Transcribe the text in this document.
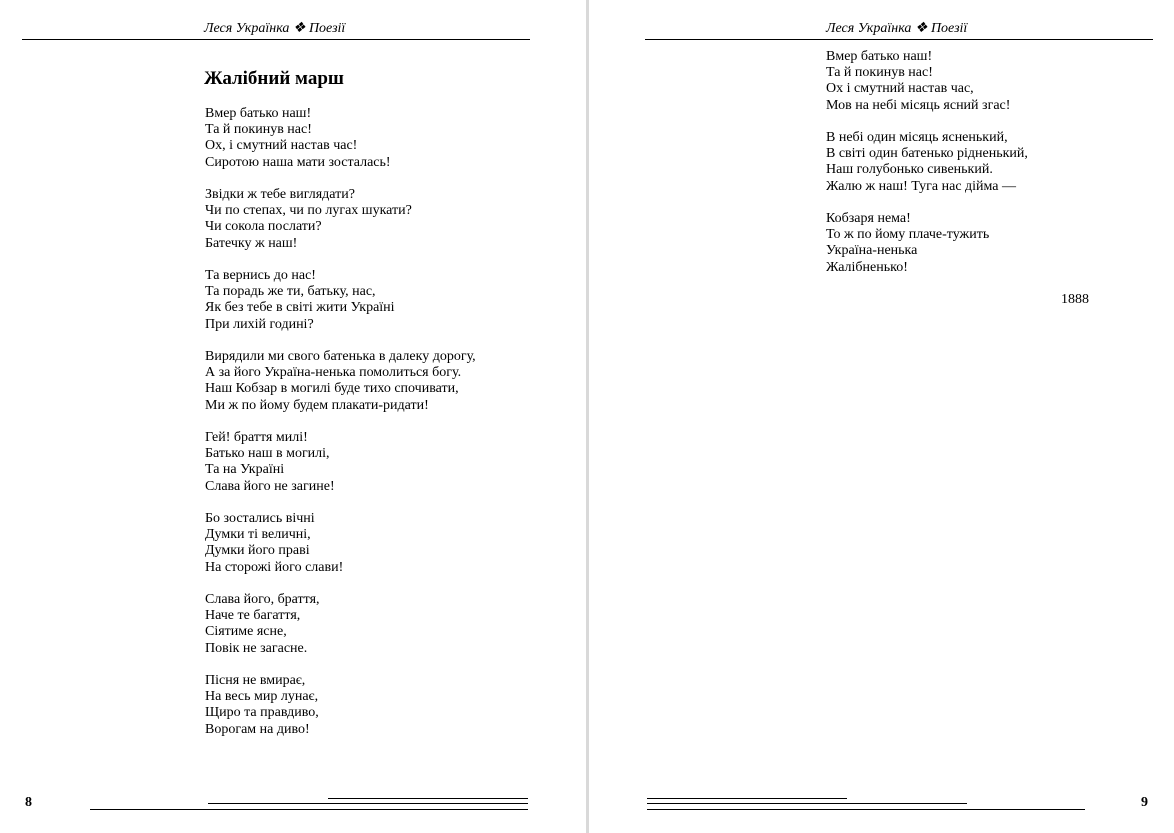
Леся Українка ❖ Поезії
Жалібний марш
Вмер батько наш!
Та й покинув нас!
Ох, і смутний настав час!
Сиротою наша мати зосталась!
Звідки ж тебе виглядати?
Чи по степах, чи по лугах шукати?
Чи сокола послати?
Батечку ж наш!
Та вернись до нас!
Та порадь же ти, батьку, нас,
Як без тебе в світі жити Україні
При лихій годині?
Вирядили ми свого батенька в далеку дорогу,
А за його Україна-ненька помолиться богу.
Наш Кобзар в могилі буде тихо спочивати,
Ми ж по йому будем плакати-ридати!
Гей! браття милі!
Батько наш в могилі,
Та на Україні
Слава його не загине!
Бо зостались вічні
Думки ті величні,
Думки його праві
На сторожі його слави!
Слава його, браття,
Наче те багаття,
Сіятиме ясне,
Повік не загасне.
Пісня не вмирає,
На весь мир лунає,
Щиро та правдиво,
Ворогам на диво!
8
Леся Українка ❖ Поезії
Вмер батько наш!
Та й покинув нас!
Ох і смутний настав час,
Мов на небі місяць ясний згас!
В небі один місяць ясненький,
В світі один батенько рідненький,
Наш голубонько сивенький.
Жалю ж наш! Туга нас дійма —
Кобзаря нема!
То ж по йому плаче-тужить
Україна-ненька
Жалібненько!
1888
9
